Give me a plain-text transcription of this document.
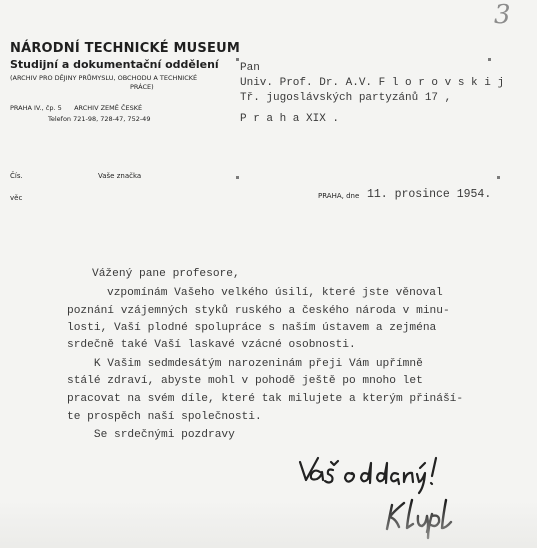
3
NÁRODNÍ TECHNICKÉ MUSEUM
Studijní a dokumentační oddělení
(ARCHIV PRO DĚJINY PRŮMYSLU, OBCHODU A TECHNICKÉ
PRÁCE)
PRAHA IV., čp. 5      ARCHIV ZEMĚ ČESKÉ
Telefon 721-98, 728-47, 752-49
Pan
Univ. Prof. Dr. A.V. F l o r o v s k i j
Tř. jugoslávských partyzánů 17 ,
P r a h a XIX .
Čís.	Vaše značka
věc	PRAHA, dne 11. prosince 1954.
Vážený pane profesore,
vzpomínám Vašeho velkého úsilí, které jste věnoval
poznání vzájemných styků ruského a českého národa v minu-
losti, Vaší plodné spolupráce s naším ústavem a zejména
srdečně také Vaší laskavé vzácné osobnosti.
K Vašim sedmdesátým narozeninám přeji Vám upřímně
stálé zdraví, abyste mohl v pohodě ještě po mnoho let
pracovat na svém díle, které tak milujete a kterým přináší-
te prospěch naší společnosti.
Se srdečnými pozdravy
